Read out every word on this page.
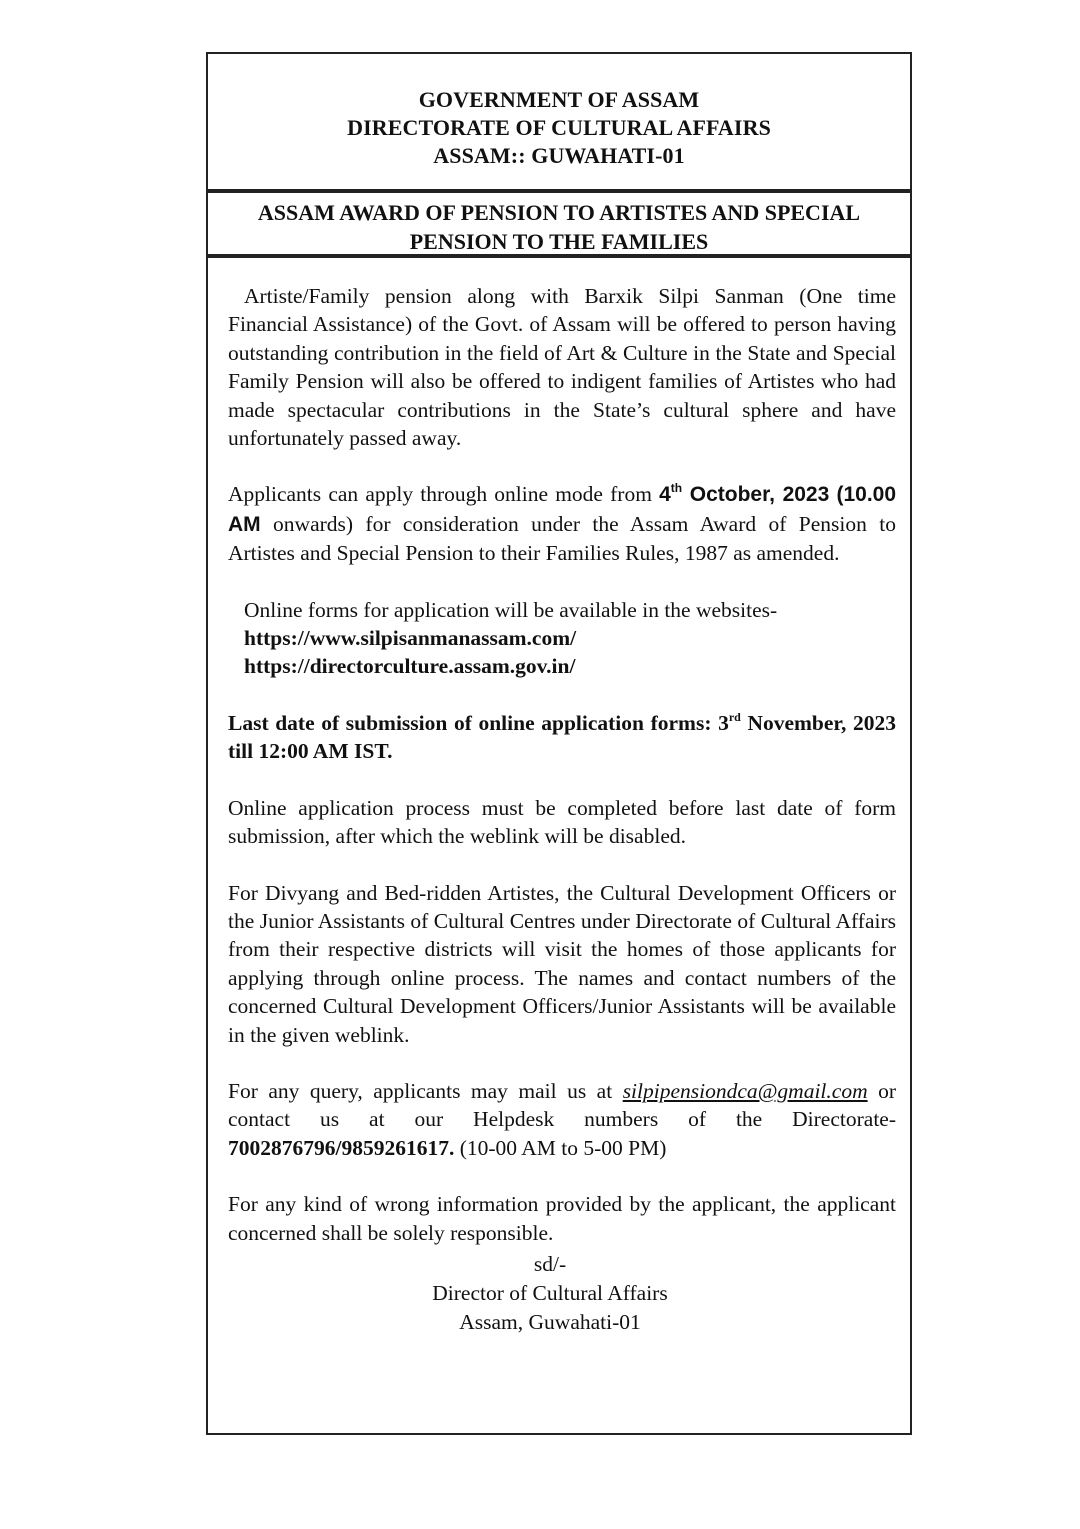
GOVERNMENT OF ASSAM
DIRECTORATE OF CULTURAL AFFAIRS
ASSAM:: GUWAHATI-01
ASSAM AWARD OF PENSION TO ARTISTES AND SPECIAL
PENSION TO THE FAMILIES

Artiste/Family pension along with Barxik Silpi Sanman (One time Financial Assistance) of the Govt. of Assam will be offered to person having outstanding contribution in the field of Art & Culture in the State and Special Family Pension will also be offered to indigent families of Artistes who had made spectacular contributions in the State’s cultural sphere and have unfortunately passed away.

Applicants can apply through online mode from 4th October, 2023 (10.00 AM onwards) for consideration under the Assam Award of Pension to Artistes and Special Pension to their Families Rules, 1987 as amended.

Online forms for application will be available in the websites-
https://www.silpisanmanassam.com/
https://directorculture.assam.gov.in/

Last date of submission of online application forms: 3rd November, 2023 till 12:00 AM IST.

Online application process must be completed before last date of form submission, after which the weblink will be disabled.

For Divyang and Bed-ridden Artistes, the Cultural Development Officers or the Junior Assistants of Cultural Centres under Directorate of Cultural Affairs from their respective districts will visit the homes of those applicants for applying through online process. The names and contact numbers of the concerned Cultural Development Officers/Junior Assistants will be available in the given weblink.

For any query, applicants may mail us at silpipensiondca@gmail.com or contact us at our Helpdesk numbers of the Directorate-7002876796/9859261617. (10-00 AM to 5-00 PM)

For any kind of wrong information provided by the applicant, the applicant concerned shall be solely responsible.

sd/-
Director of Cultural Affairs
Assam, Guwahati-01
